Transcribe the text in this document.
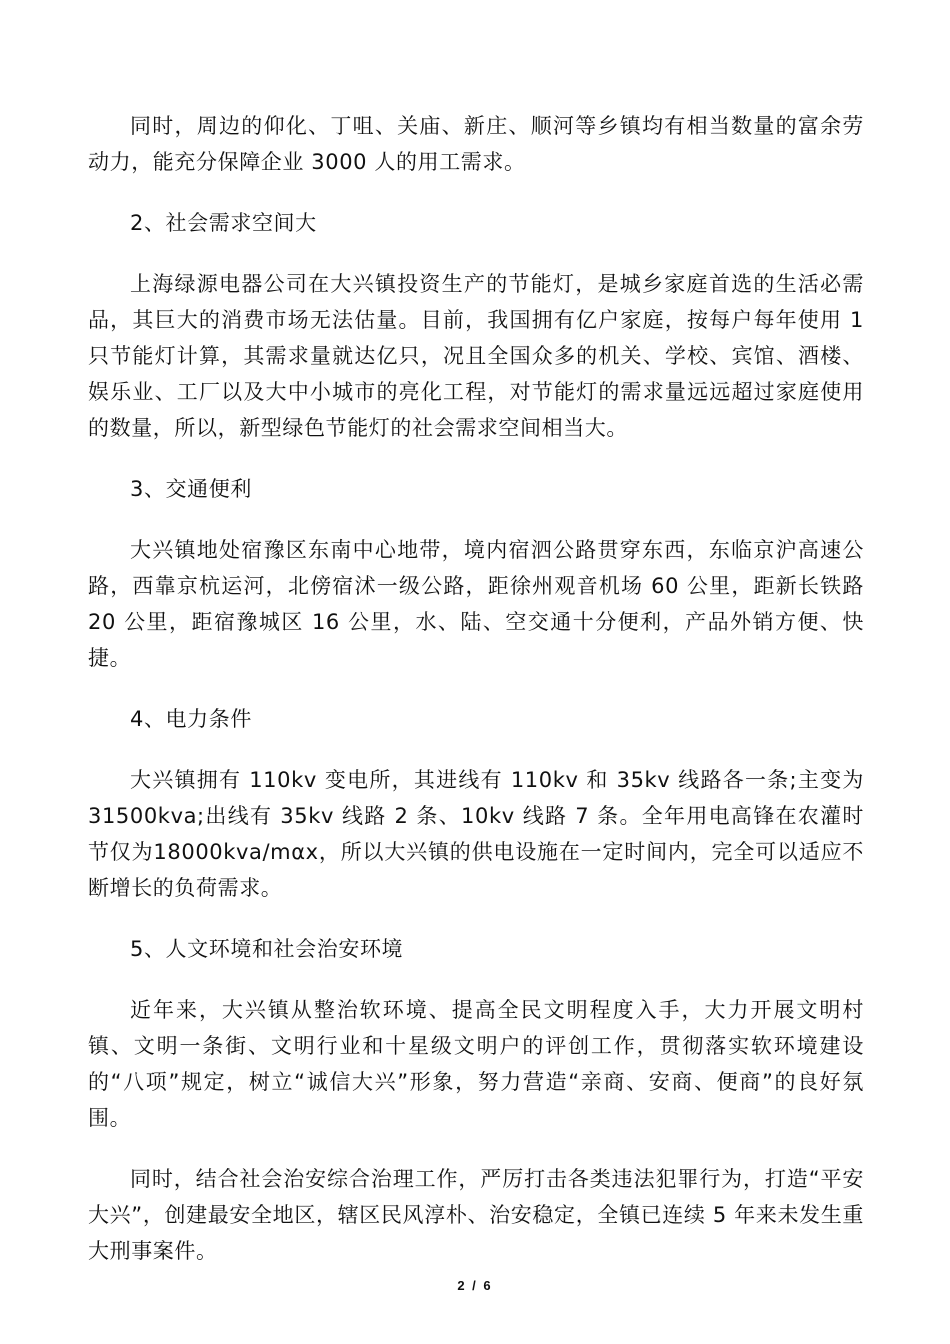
同时，周边的仰化、丁咀、关庙、新庄、顺河等乡镇均有相当数量的富余劳动力，能充分保障企业 3000 人的用工需求。

2、社会需求空间大

上海绿源电器公司在大兴镇投资生产的节能灯，是城乡家庭首选的生活必需品，其巨大的消费市场无法估量。目前，我国拥有亿户家庭，按每户每年使用 1 只节能灯计算，其需求量就达亿只，况且全国众多的机关、学校、宾馆、酒楼、娱乐业、工厂以及大中小城市的亮化工程，对节能灯的需求量远远超过家庭使用的数量，所以，新型绿色节能灯的社会需求空间相当大。

3、交通便利

大兴镇地处宿豫区东南中心地带，境内宿泗公路贯穿东西，东临京沪高速公路，西靠京杭运河，北傍宿沭一级公路，距徐州观音机场 60 公里，距新长铁路 20 公里，距宿豫城区 16 公里，水、陆、空交通十分便利，产品外销方便、快捷。

4、电力条件

大兴镇拥有 110kv 变电所，其进线有 110kv 和 35kv 线路各一条;主变为31500kva;出线有 35kv 线路 2 条、10kv 线路 7 条。全年用电高锋在农灌时节仅为18000kva/mαx，所以大兴镇的供电设施在一定时间内，完全可以适应不断增长的负荷需求。

5、人文环境和社会治安环境

近年来，大兴镇从整治软环境、提高全民文明程度入手，大力开展文明村镇、文明一条街、文明行业和十星级文明户的评创工作，贯彻落实软环境建设的“八项”规定，树立“诚信大兴”形象，努力营造“亲商、安商、便商”的良好氛围。

同时，结合社会治安综合治理工作，严厉打击各类违法犯罪行为，打造“平安大兴”，创建最安全地区，辖区民风淳朴、治安稳定，全镇已连续 5 年来未发生重大刑事案件。

2 / 6
